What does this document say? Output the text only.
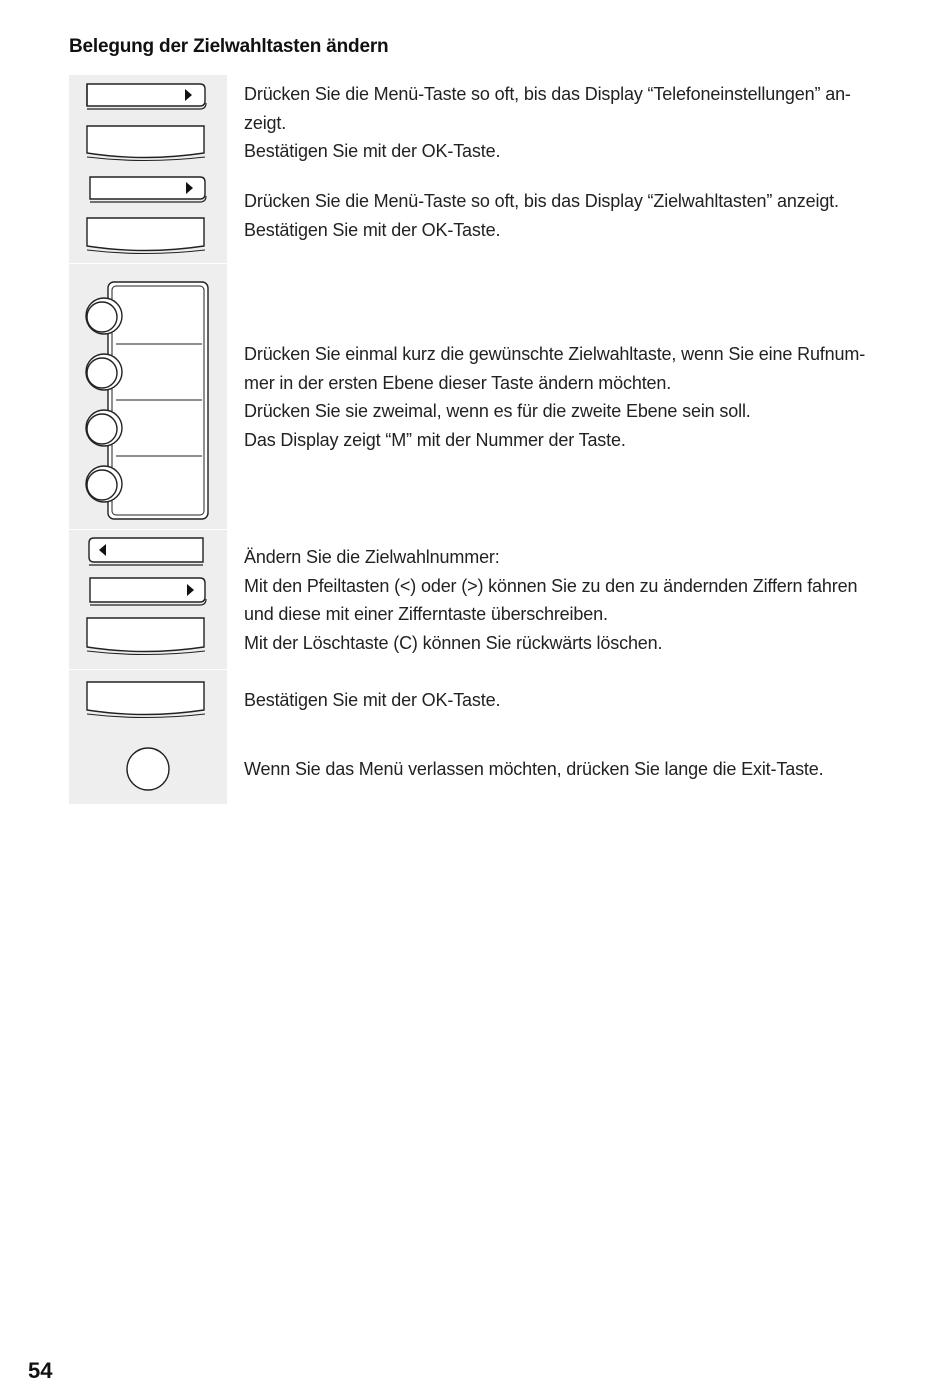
Belegung der Zielwahltasten ändern
Drücken Sie die Menü-Taste so oft, bis das Display “Telefoneinstellungen” an-
zeigt.
Bestätigen Sie mit der OK-Taste.
Drücken Sie die Menü-Taste so oft, bis das Display “Zielwahltasten” anzeigt.
Bestätigen Sie mit der OK-Taste.
Drücken Sie einmal kurz die gewünschte Zielwahltaste, wenn Sie eine Rufnum-
mer in der ersten Ebene dieser Taste ändern möchten.
Drücken Sie sie zweimal, wenn es für die zweite Ebene sein soll.
Das Display zeigt “M” mit der Nummer der Taste.
Ändern Sie die Zielwahlnummer:
Mit den Pfeiltasten (<) oder (>) können Sie zu den zu ändernden Ziffern fahren
und diese mit einer Zifferntaste überschreiben.
Mit der Löschtaste (C) können Sie rückwärts löschen.
Bestätigen Sie mit der OK-Taste.
Wenn Sie das Menü verlassen möchten, drücken Sie lange die Exit-Taste.
54
